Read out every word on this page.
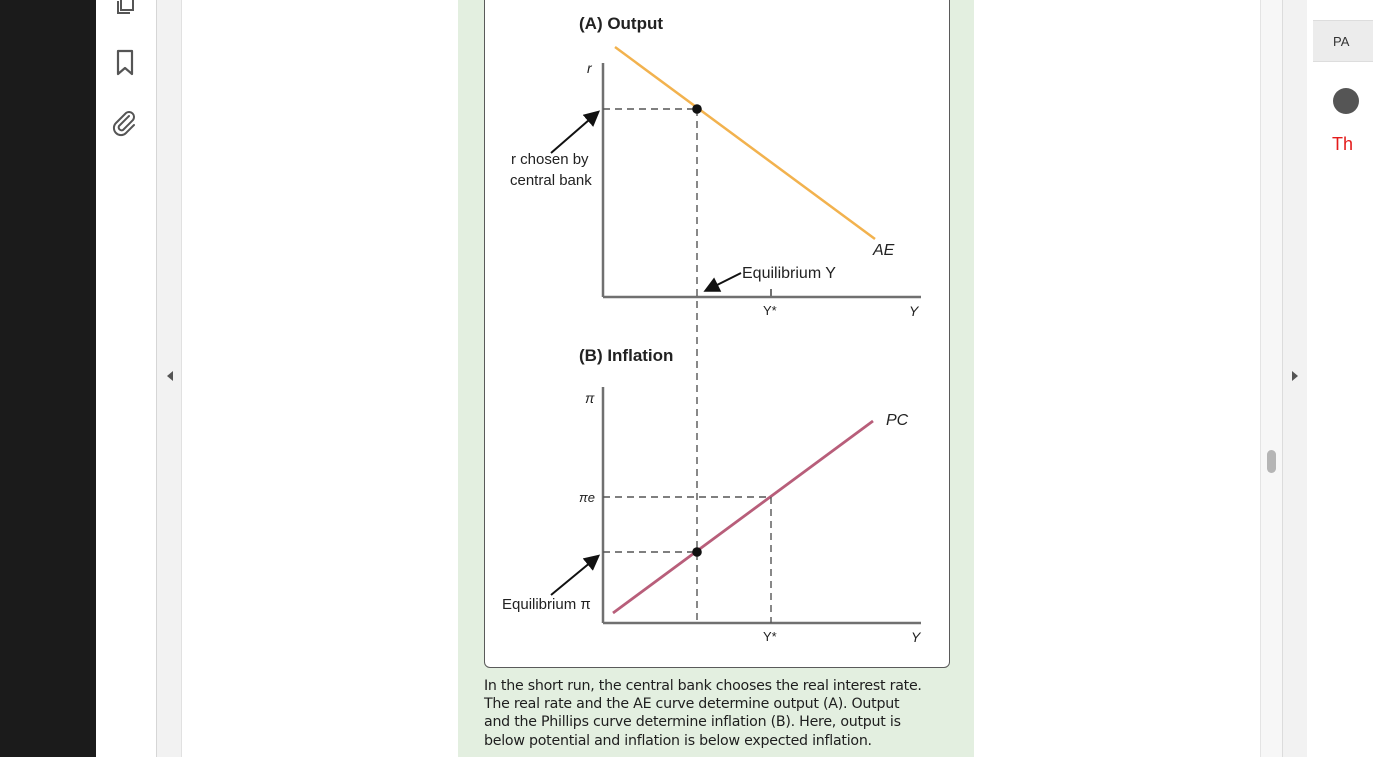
(A) Output
r
Y
AE
r chosen by
central bank
Equilibrium Y
Y*
(B) Inflation
π
Y
PC
πe
Equilibrium π
Y*
In the short run, the central bank chooses the real interest rate.
The real rate and the AE curve determine output (A). Output
and the Phillips curve determine inflation (B). Here, output is
below potential and inflation is below expected inflation.
PA
Th
